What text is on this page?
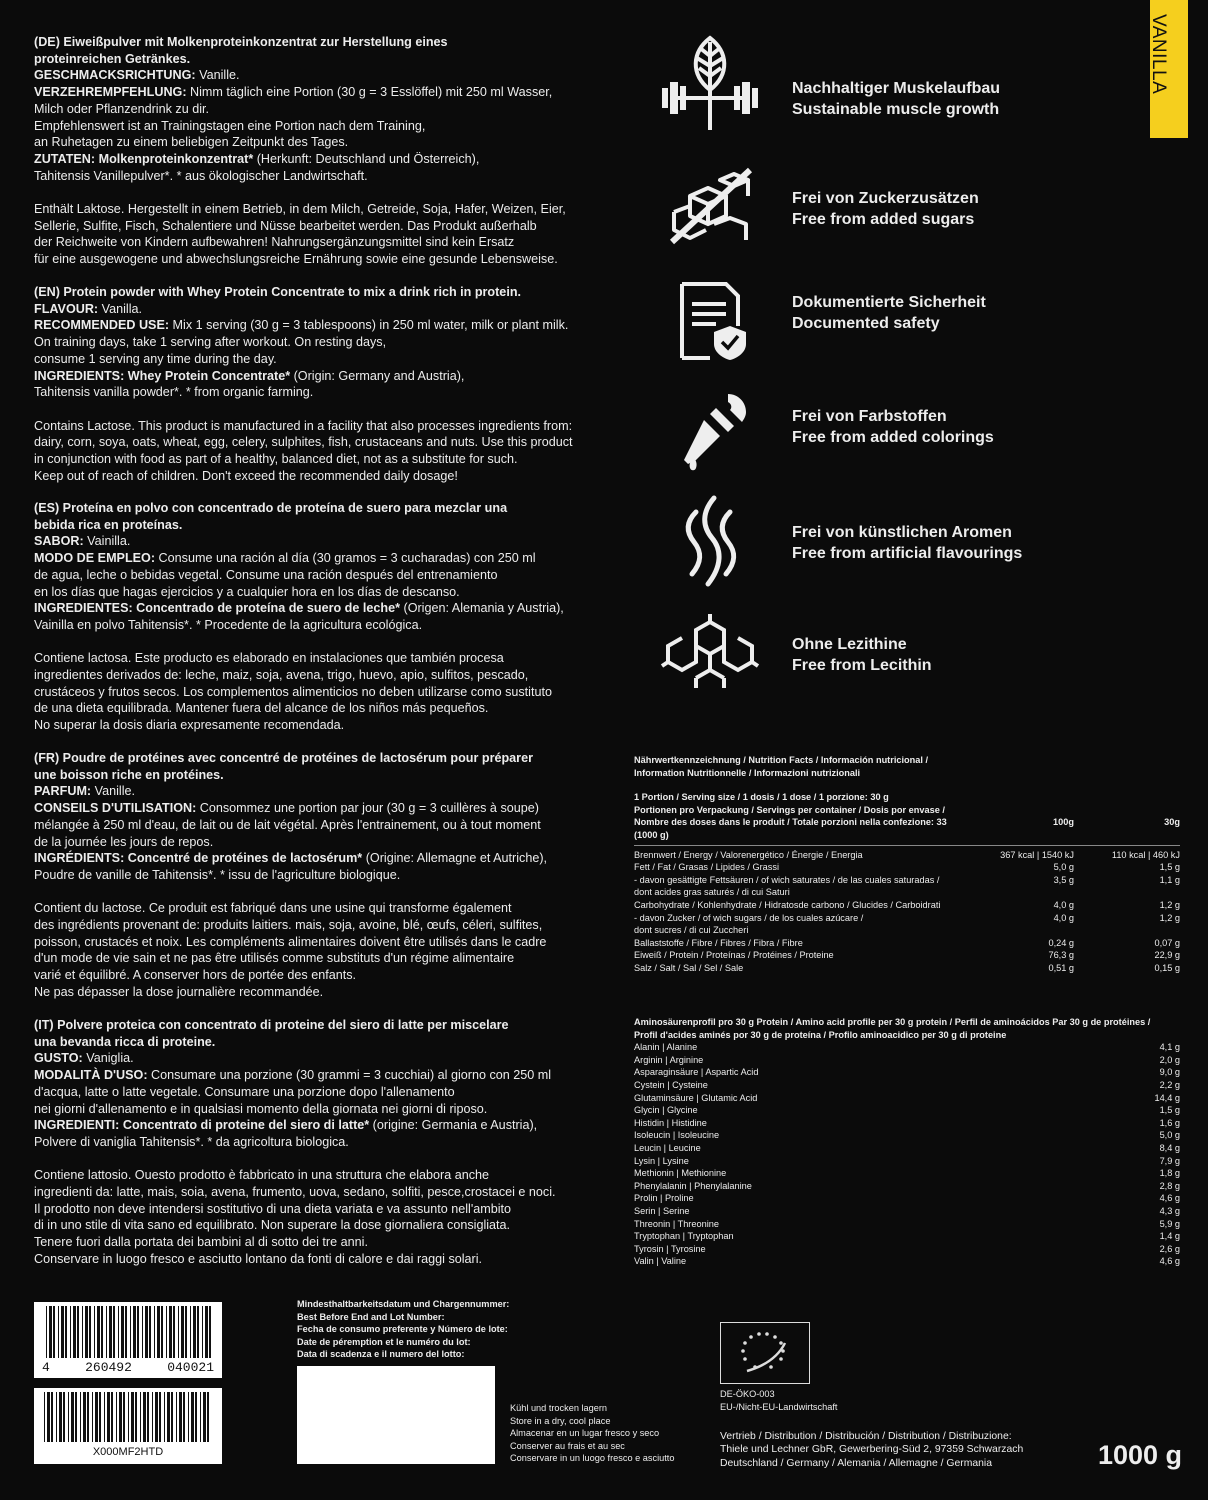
VANILLA

(DE) Eiweißpulver mit Molkenproteinkonzentrat zur Herstellung eines

proteinreichen Getränkes.

GESCHMACKSRICHTUNG: Vanille.

VERZEHREMPFEHLUNG: Nimm täglich eine Portion (30 g = 3 Esslöffel) mit 250 ml Wasser,

Milch oder Pflanzendrink zu dir.

Empfehlenswert ist an Trainingstagen eine Portion nach dem Training,

an Ruhetagen zu einem beliebigen Zeitpunkt des Tages.

ZUTATEN: Molkenproteinkonzentrat* (Herkunft: Deutschland und Österreich),

Tahitensis Vanillepulver*. * aus ökologischer Landwirtschaft.

Enthält Laktose. Hergestellt in einem Betrieb, in dem Milch, Getreide, Soja, Hafer, Weizen, Eier,

Sellerie, Sulfite, Fisch, Schalentiere und Nüsse bearbeitet werden. Das Produkt außerhalb

der Reichweite von Kindern aufbewahren! Nahrungsergänzungsmittel sind kein Ersatz

für eine ausgewogene und abwechslungsreiche Ernährung sowie eine gesunde Lebensweise.

(EN) Protein powder with Whey Protein Concentrate to mix a drink rich in protein.

FLAVOUR: Vanilla.

RECOMMENDED USE: Mix 1 serving (30 g = 3 tablespoons) in 250 ml water, milk or plant milk.

On training days, take 1 serving after workout. On resting days,

consume 1 serving any time during the day.

INGREDIENTS: Whey Protein Concentrate* (Origin: Germany and Austria),

Tahitensis vanilla powder*. * from organic farming.

Contains Lactose. This product is manufactured in a facility that also processes ingredients from:

dairy, corn, soya, oats, wheat, egg, celery, sulphites, fish, crustaceans and nuts. Use this product

in conjunction with food as part of a healthy, balanced diet, not as a substitute for such.

Keep out of reach of children. Don't exceed the recommended daily dosage!

(ES) Proteína en polvo con concentrado de proteína de suero para mezclar una

bebida rica en proteínas.

SABOR: Vainilla.

MODO DE EMPLEO: Consume una ración al día (30 gramos = 3 cucharadas) con 250 ml

de agua, leche o bebidas vegetal. Consume una ración después del entrenamiento

en los días que hagas ejercicios y a cualquier hora en los días de descanso.

INGREDIENTES: Concentrado de proteína de suero de leche* (Origen: Alemania y Austria),

Vainilla en polvo Tahitensis*. * Procedente de la agricultura ecológica.

Contiene lactosa. Este producto es elaborado en instalaciones que también procesa

ingredientes derivados de: leche, maiz, soja, avena, trigo, huevo, apio, sulfitos, pescado,

crustáceos y frutos secos. Los complementos alimenticios no deben utilizarse como sustituto

de una dieta equilibrada. Mantener fuera del alcance de los niños más pequeños.

No superar la dosis diaria expresamente recomendada.

(FR) Poudre de protéines avec concentré de protéines de lactosérum pour préparer

une boisson riche en protéines.

PARFUM: Vanille.

CONSEILS D'UTILISATION: Consommez une portion par jour (30 g = 3 cuillères à soupe)

mélangée à 250 ml d'eau, de lait ou de lait végétal. Après l'entrainement, ou à tout moment

de la journée les jours de repos.

INGRÉDIENTS: Concentré de protéines de lactosérum* (Origine: Allemagne et Autriche),

Poudre de vanille de Tahitensis*. * issu de l'agriculture biologique.

Contient du lactose. Ce produit est fabriqué dans une usine qui transforme également

des ingrédients provenant de: produits laitiers. mais, soja, avoine, blé, œufs, céleri, sulfites,

poisson, crustacés et noix. Les compléments alimentaires doivent être utilisés dans le cadre

d'un mode de vie sain et ne pas être utilisés comme substituts d'un régime alimentaire

varié et équilibré. A conserver hors de portée des enfants.

Ne pas dépasser la dose journalière recommandée.

(IT) Polvere proteica con concentrato di proteine del siero di latte per miscelare

una bevanda ricca di proteine.

GUSTO: Vaniglia.

MODALITÀ D'USO: Consumare una porzione (30 grammi = 3 cucchiai) al giorno con 250 ml

d'acqua, latte o latte vegetale. Consumare una porzione dopo l'allenamento

nei giorni d'allenamento e in qualsiasi momento della giornata nei giorni di riposo.

INGREDIENTI: Concentrato di proteine del siero di latte* (origine: Germania e Austria),

Polvere di vaniglia Tahitensis*. * da agricoltura biologica.

Contiene lattosio. Ouesto prodotto è fabbricato in una struttura che elabora anche

ingredienti da: latte, mais, soia, avena, frumento, uova, sedano, solfiti, pesce,crostacei e noci.

Il prodotto non deve intendersi sostitutivo di una dieta variata e va assunto nell'ambito

di in uno stile di vita sano ed equilibrato. Non superare la dose giornaliera consigliata.

Tenere fuori dalla portata dei bambini al di sotto dei tre anni.

Conservare in luogo fresco e asciutto lontano da fonti di calore e dai raggi solari.

Nachhaltiger Muskelaufbau
Sustainable muscle growth
Frei von Zuckerzusätzen
Free from added sugars
Dokumentierte Sicherheit
Documented safety
Frei von Farbstoffen
Free from added colorings
Frei von künstlichen Aromen
Free from artificial flavourings
Ohne Lezithine
Free from Lecithin
Nährwertkennzeichnung / Nutrition Facts / Información nutricional /
Information Nutritionnelle / Informazioni nutrizionali
1 Portion / Serving size / 1 dosis / 1 dose / 1 porzione: 30 g
Portionen pro Verpackung / Servings per container / Dosis por envase /
Nombre des doses dans le produit / Totale porzioni nella confezione: 33 (1000 g)
100g	30g
Brennwert / Energy / Valorenergético / Énergie / Energia	367 kcal | 1540 kJ	110 kcal | 460 kJ
Fett / Fat / Grasas / Lipides / Grassi	5,0 g	1,5 g
- davon gesättigte Fettsäuren / of wich saturates / de las cuales saturadas /	3,5 g	1,1 g
dont acides gras saturés / di cui Saturi
Carbohydrate / Kohlenhydrate / Hidratosde carbono / Glucides / Carboidrati	4,0 g	1,2 g
- davon Zucker / of wich sugars / de los cuales azúcare /	4,0 g	1,2 g
dont sucres / di cui Zuccheri
Ballaststoffe / Fibre / Fibres / Fibra / Fibre	0,24 g	0,07 g
Eiweiß / Protein / Proteínas / Protéines / Proteine	76,3 g	22,9 g
Salz / Salt / Sal / Sel / Sale	0,51 g	0,15 g
Aminosäurenprofil pro 30 g Protein / Amino acid profile per 30 g protein / Perfil de aminoácidos Par 30 g de protéines /
Profil d'acides aminés por 30 g de proteína / Profilo aminoacidico per 30 g di proteine
Alanin | Alanine	4,1 g
Arginin | Arginine	2,0 g
Asparaginsäure | Aspartic Acid	9,0 g
Cystein | Cysteine	2,2 g
Glutaminsäure | Glutamic Acid	14,4 g
Glycin | Glycine	1,5 g
Histidin | Histidine	1,6 g
Isoleucin | Isoleucine	5,0 g
Leucin | Leucine	8,4 g
Lysin | Lysine	7,9 g
Methionin | Methionine	1,8 g
Phenylalanin | Phenylalanine	2,8 g
Prolin | Proline	4,6 g
Serin | Serine	4,3 g
Threonin | Threonine	5,9 g
Tryptophan | Tryptophan	1,4 g
Tyrosin | Tyrosine	2,6 g
Valin | Valine	4,6 g
4	260492	040021
X000MF2HTD
Mindesthaltbarkeitsdatum und Chargennummer:
Best Before End and Lot Number:
Fecha de consumo preferente y Número de lote:
Date de péremption et le numéro du lot:
Data di scadenza e il numero del lotto:
Kühl und trocken lagern
Store in a dry, cool place
Almacenar en un lugar fresco y seco
Conserver au frais et au sec
Conservare in un luogo fresco e asciutto
DE-ÖKO-003
EU-/Nicht-EU-Landwirtschaft
Vertrieb / Distribution / Distribución / Distribution / Distribuzione:
Thiele und Lechner GbR, Gewerbering-Süd 2, 97359 Schwarzach
Deutschland / Germany / Alemania / Allemagne / Germania	1000 g
